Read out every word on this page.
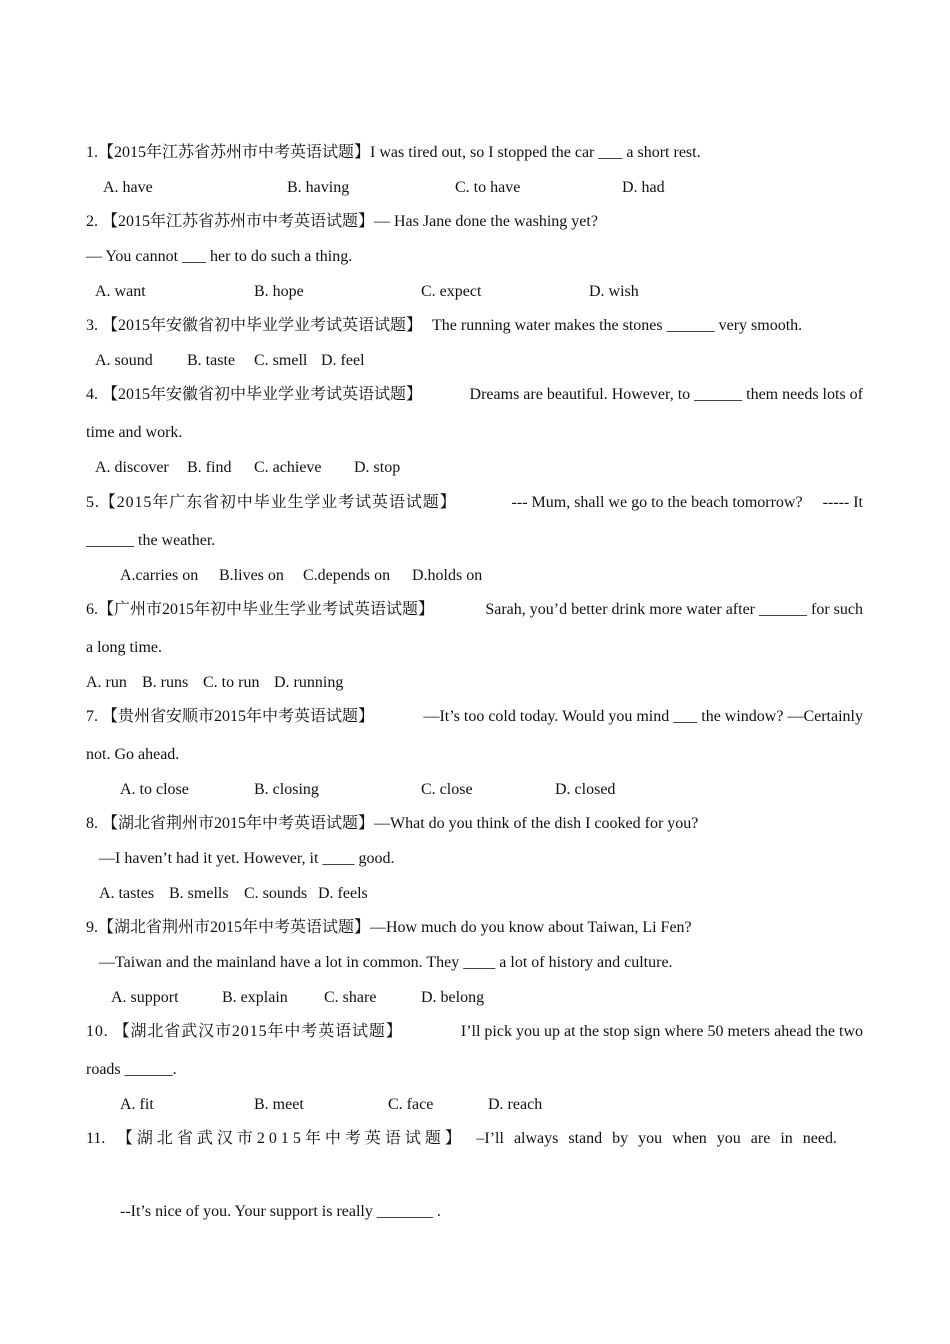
1.【2015年江苏省苏州市中考英语试题】I was tired out, so I stopped the car ___ a short rest.
A. have	B. having	C. to have	D. had
2. 【2015年江苏省苏州市中考英语试题】— Has Jane done the washing yet?
— You cannot ___ her to do such a thing.
A. want	B. hope	C. expect	D. wish
3. 【2015年安徽省初中毕业学业考试英语试题】 The running water makes the stones ______ very smooth.
A. sound B. taste C. smell D. feel
4. 【2015年安徽省初中毕业学业考试英语试题】	Dreams are beautiful. However, to ______ them needs lots of
time and work.
A. discover B. find C. achieve D. stop
5.【2015年广东省初中毕业生学业考试英语试题】	--- Mum, shall we go to the beach tomorrow?     ----- It
______ the weather.
A.carries on B.lives on C.depends on D.holds on
6.【广州市2015年初中毕业生学业考试英语试题】	Sarah, you’d better drink more water after ______ for such
a long time.
A. run B. runs C. to run D. running
7. 【贵州省安顺市2015年中考英语试题】	—It’s too cold today. Would you mind ___ the window? —Certainly
not. Go ahead.
A. to close	B. closing	C. close	D. closed
8. 【湖北省荆州市2015年中考英语试题】—What do you think of the dish I cooked for you?
—I haven’t had it yet. However, it ____ good.
A. tastes B. smells C. sounds D. feels
9.【湖北省荆州市2015年中考英语试题】—How much do you know about Taiwan, Li Fen?
—Taiwan and the mainland have a lot in common. They ____ a lot of history and culture.
A. support	B. explain C. share	D. belong
10. 【湖北省武汉市2015年中考英语试题】	I’ll pick you up at the stop sign where 50 meters ahead the two
roads ______.
A. fit	B. meet	C. face	D. reach
11. 【湖北省武汉市2015年中考英语试题】 –I’ll always stand by you when you are in need.
--It’s nice of you. Your support is really _______ .
